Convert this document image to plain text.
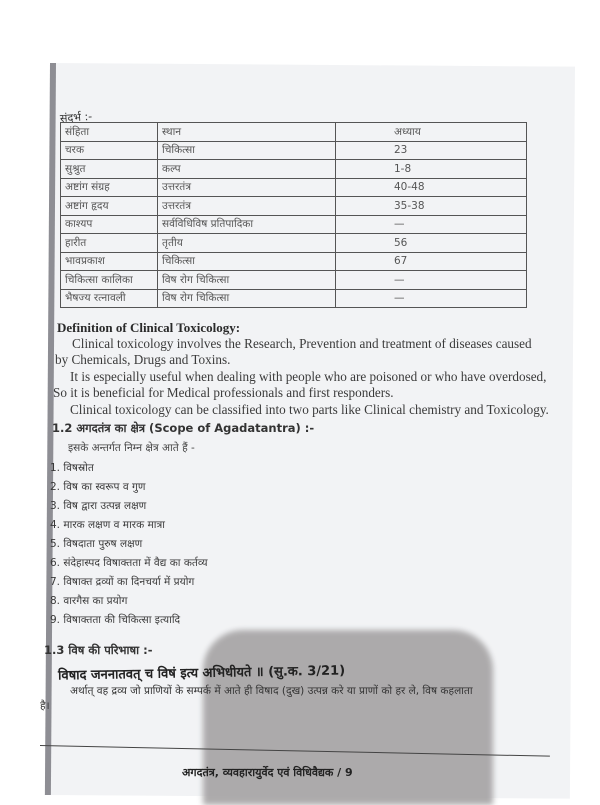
संदर्भ :-
संहिता	स्थान	अध्याय
चरक	चिकित्सा	23
सुश्रुत	कल्प	1-8
अष्टांग संग्रह	उत्तरतंत्र	40-48
अष्टांग हृदय	उत्तरतंत्र	35-38
काश्यप	सर्वविधिविष प्रतिपादिका	—
हारीत	तृतीय	56
भावप्रकाश	चिकित्सा	67
चिकित्सा कालिका	विष रोग चिकित्सा	—
भैषज्य रत्नावली	विष रोग चिकित्सा	—
Definition of Clinical Toxicology:
Clinical toxicology involves the Research, Prevention and treatment of diseases caused
by Chemicals, Drugs and Toxins.
It is especially useful when dealing with people who are poisoned or who have overdosed,
So it is beneficial for Medical professionals and first responders.
Clinical toxicology can be classified into two parts like Clinical chemistry and Toxicology.
1.2 अगदतंत्र का क्षेत्र (Scope of Agadatantra) :-
इसके अन्तर्गत निम्न क्षेत्र आते हैं -
1. विषस्रोत
2. विष का स्वरूप व गुण
3. विष द्वारा उत्पन्न लक्षण
4. मारक लक्षण व मारक मात्रा
5. विषदाता पुरुष लक्षण
6. संदेहास्पद विषाक्तता में वैद्य का कर्तव्य
7. विषाक्त द्रव्यों का दिनचर्या में प्रयोग
8. वारगैस का प्रयोग
9. विषाक्तता की चिकित्सा इत्यादि
1.3 विष की परिभाषा :-
विषाद जननातवत् च विषं इत्य अभिधीयते ॥ (सु.क. 3/21)
अर्थात् वह द्रव्य जो प्राणियों के सम्पर्क में आते ही विषाद (दुख) उत्पन्न करे या प्राणों को हर ले, विष कहलाता
है।
अगदतंत्र, व्यवहारायुर्वेद एवं विधिवैद्यक / 9
